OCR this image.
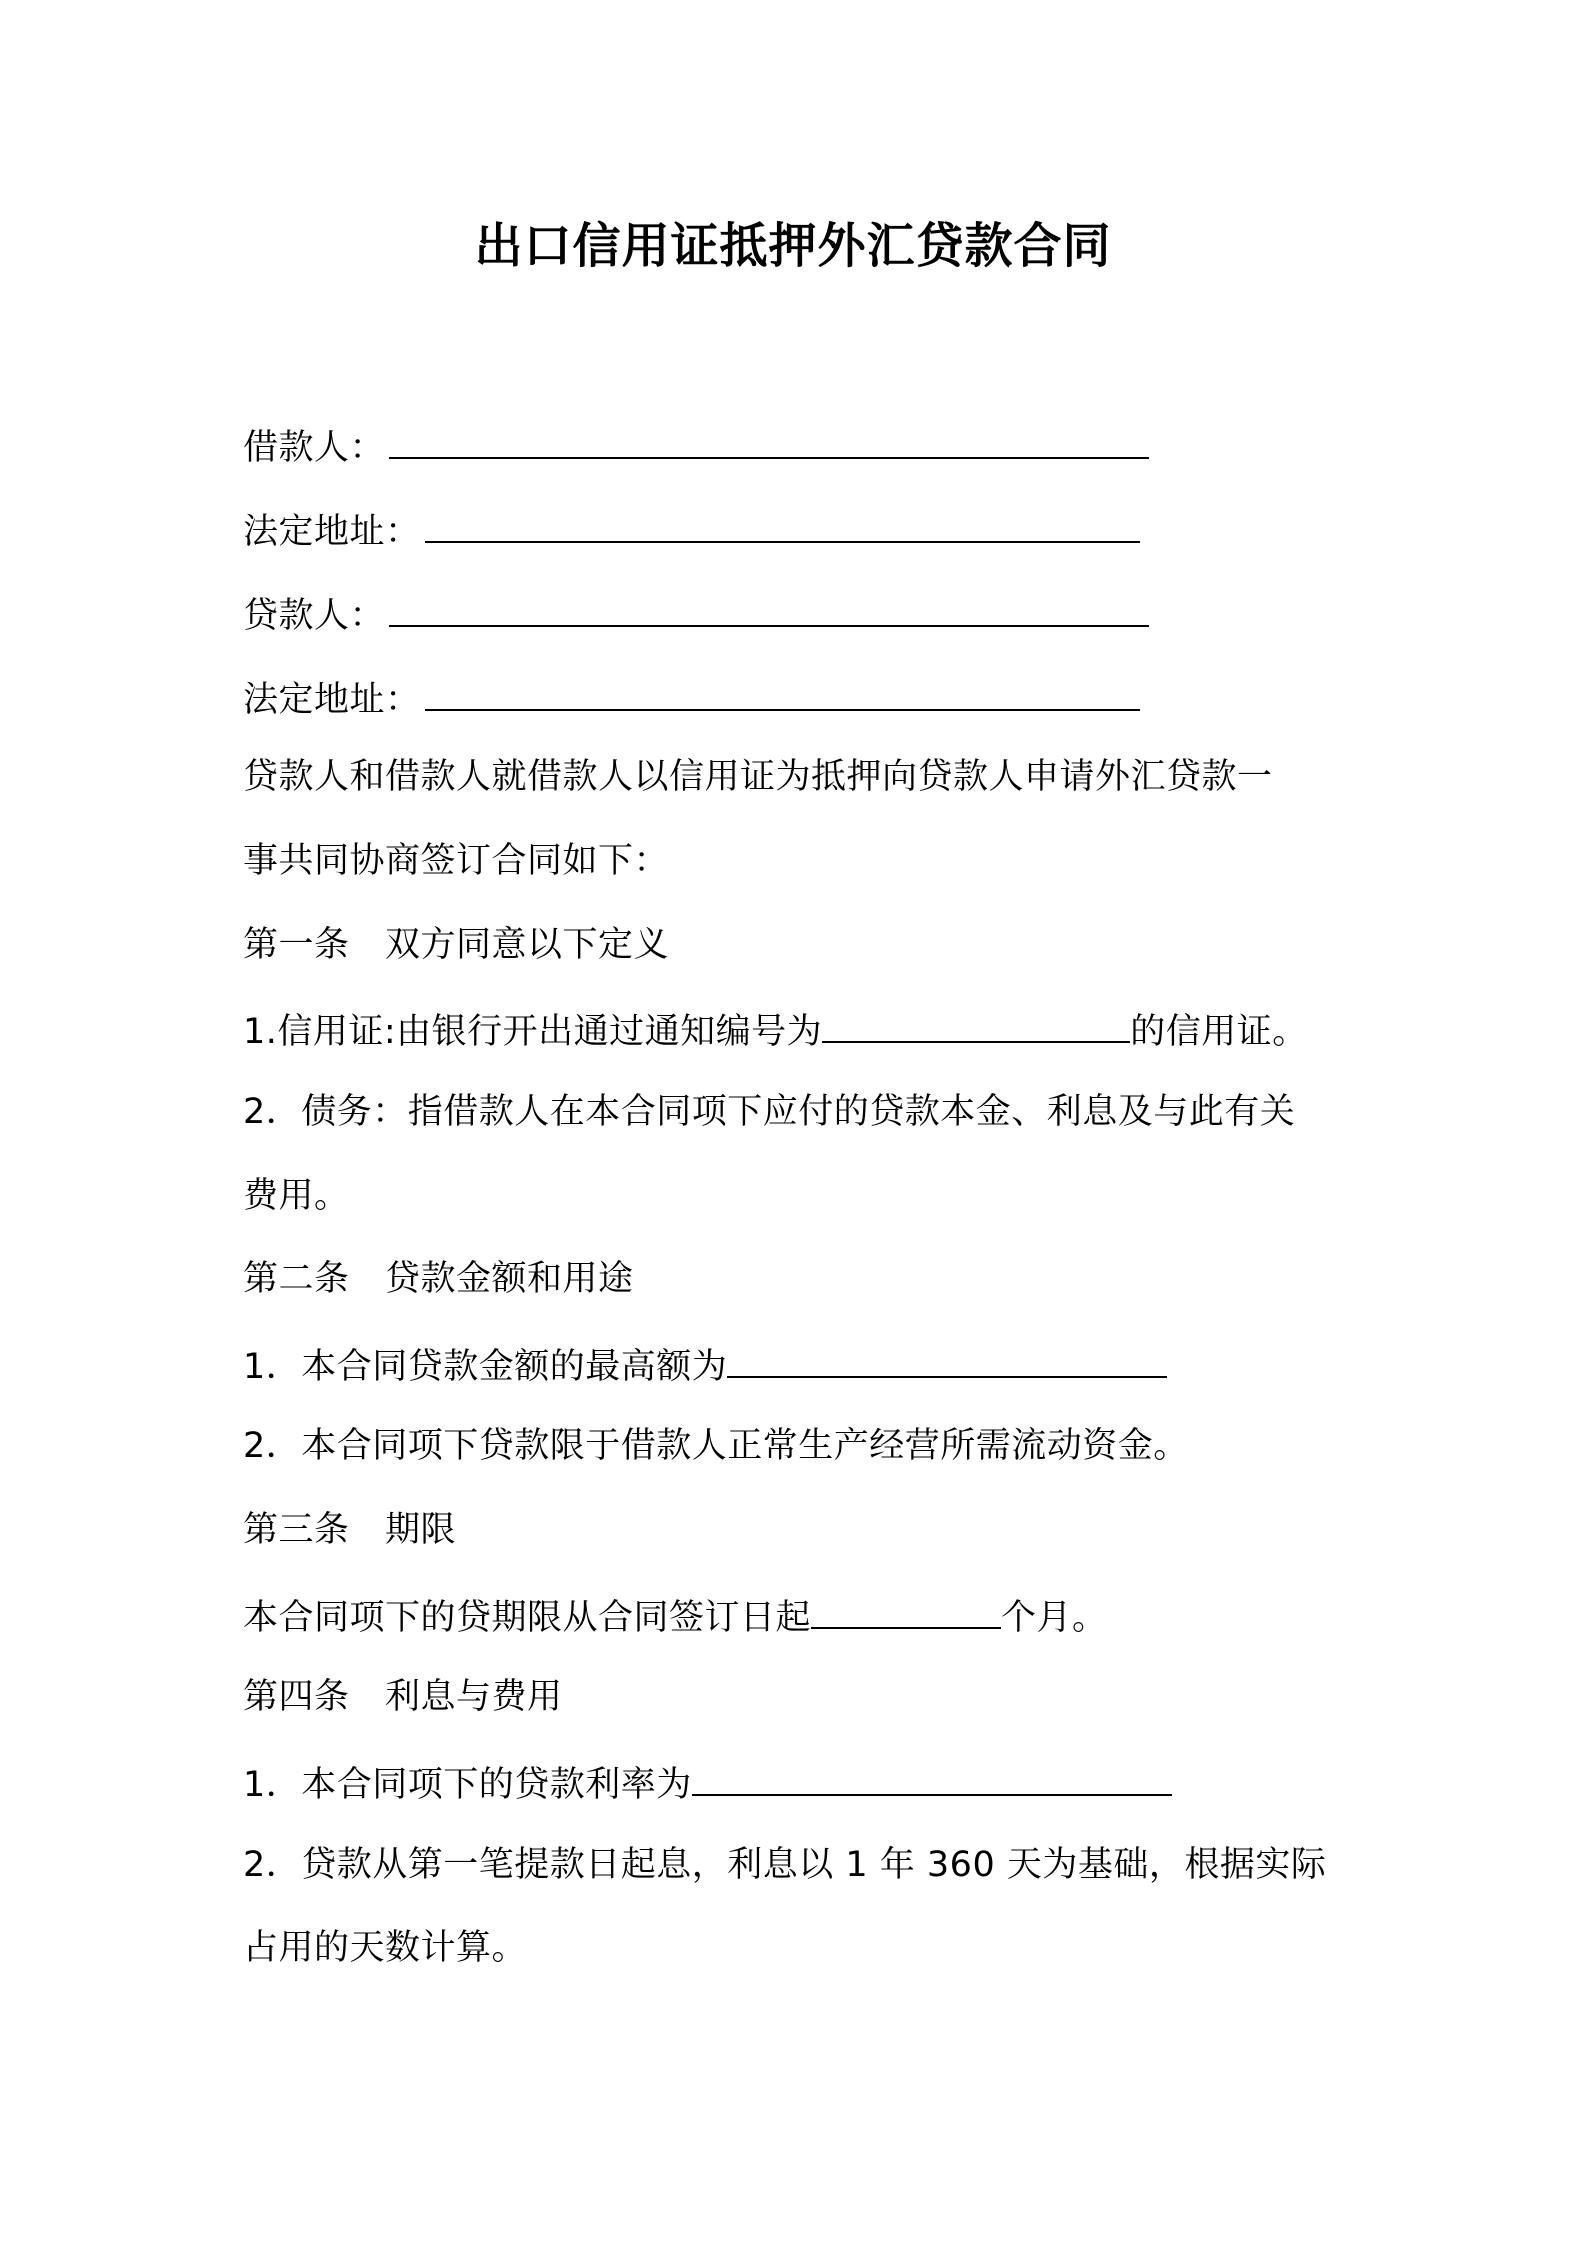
出口信用证抵押外汇贷款合同
借款人：
法定地址：
贷款人：
法定地址：
贷款人和借款人就借款人以信用证为抵押向贷款人申请外汇贷款一
事共同协商签订合同如下：
第一条　双方同意以下定义
1.信用证:由银行开出通过通知编号为	的信用证。
2．债务：指借款人在本合同项下应付的贷款本金、利息及与此有关
费用。
第二条　贷款金额和用途
1．本合同贷款金额的最高额为
2．本合同项下贷款限于借款人正常生产经营所需流动资金。
第三条　期限
本合同项下的贷期限从合同签订日起	个月。
第四条　利息与费用
1．本合同项下的贷款利率为
2．贷款从第一笔提款日起息，利息以 1 年 360 天为基础，根据实际
占用的天数计算。
